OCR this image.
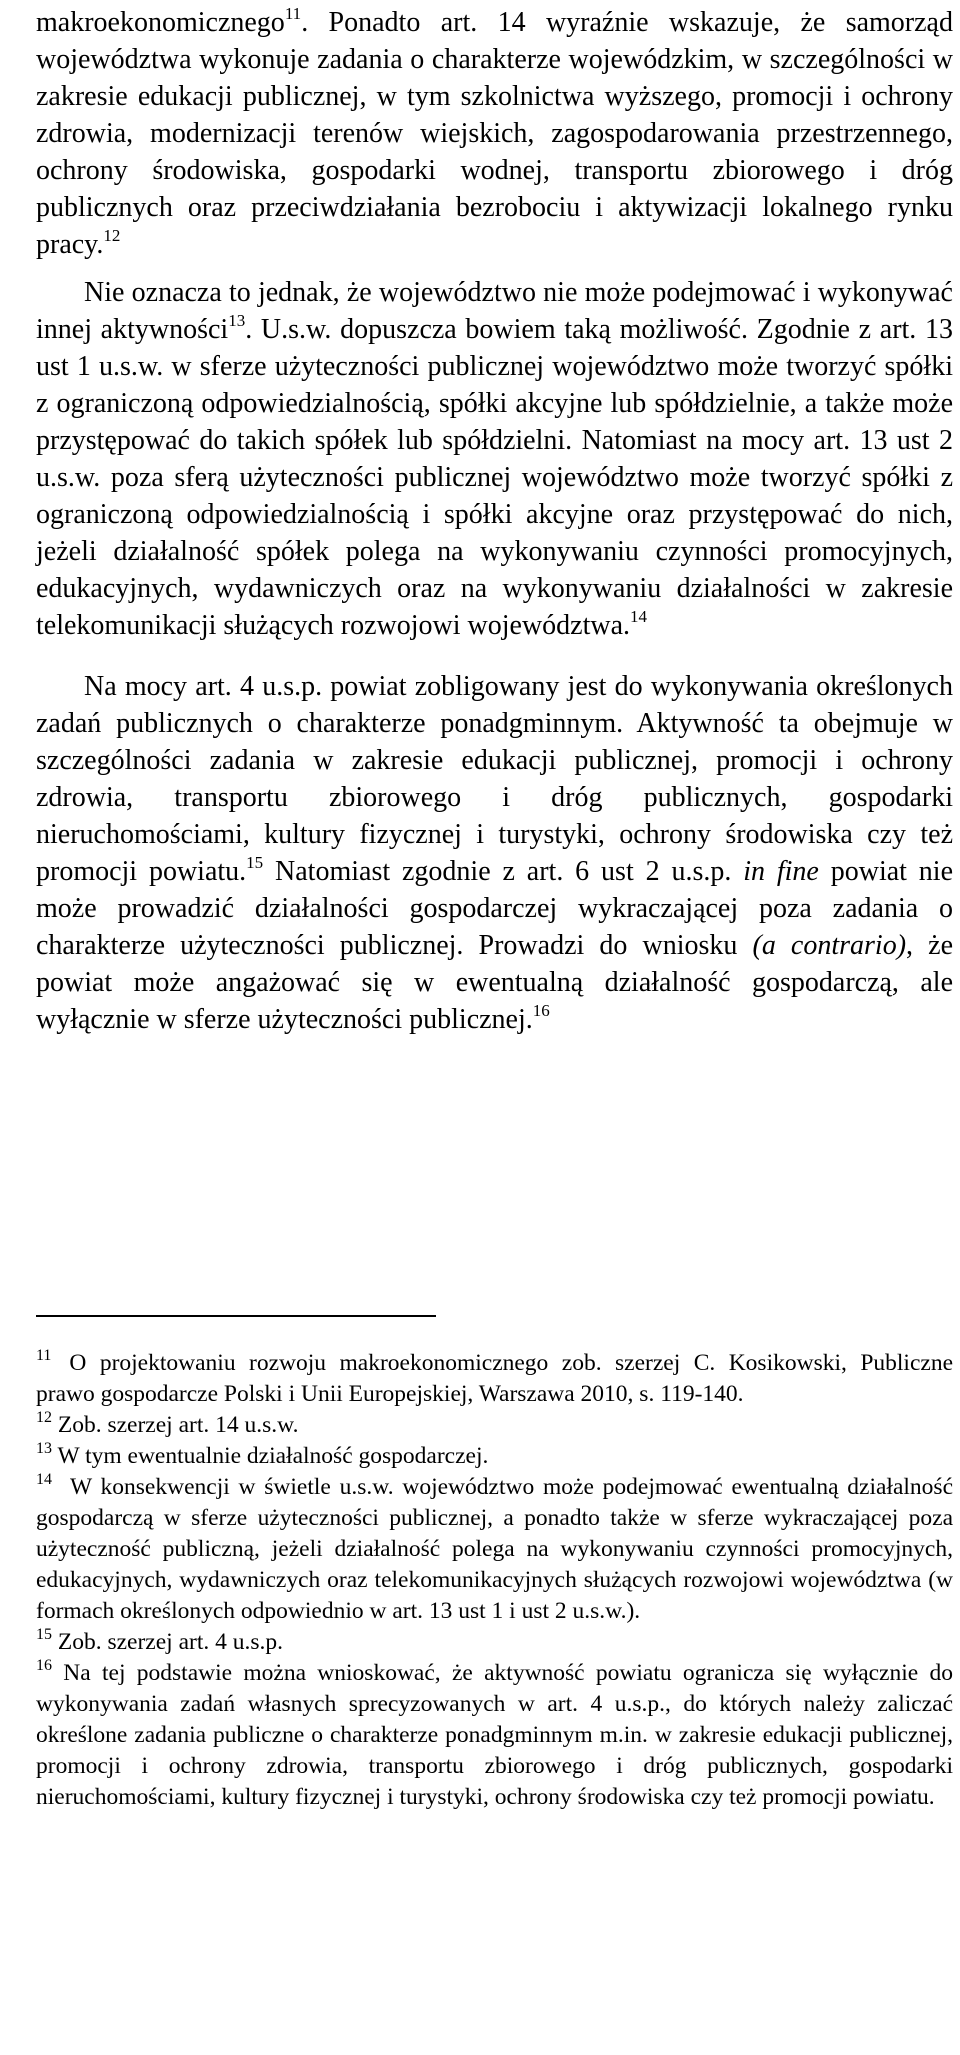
makroekonomicznego$^{11}$. Ponadto art. 14 wyraźnie wskazuje, że samorząd województwa wykonuje zadania o charakterze wojewódzkim, w szczególności w zakresie edukacji publicznej, w tym szkolnictwa wyższego, promocji i ochrony zdrowia, modernizacji terenów wiejskich, zagospodarowania przestrzennego, ochrony środowiska, gospodarki wodnej, transportu zbiorowego i dróg publicznych oraz przeciwdziałania bezrobociu i aktywizacji lokalnego rynku pracy.$^{12}$

Nie oznacza to jednak, że województwo nie może podejmować i wykonywać innej aktywności$^{13}$. U.s.w. dopuszcza bowiem taką możliwość. Zgodnie z art. 13 ust 1 u.s.w. w sferze użyteczności publicznej województwo może tworzyć spółki z ograniczoną odpowiedzialnością, spółki akcyjne lub spółdzielnie, a także może przystępować do takich spółek lub spółdzielni. Natomiast na mocy art. 13 ust 2 u.s.w. poza sferą użyteczności publicznej województwo może tworzyć spółki z ograniczoną odpowiedzialnością i spółki akcyjne oraz przystępować do nich, jeżeli działalność spółek polega na wykonywaniu czynności promocyjnych, edukacyjnych, wydawniczych oraz na wykonywaniu działalności w zakresie telekomunikacji służących rozwojowi województwa.$^{14}$

Na mocy art. 4 u.s.p. powiat zobligowany jest do wykonywania określonych zadań publicznych o charakterze ponadgminnym. Aktywność ta obejmuje w szczególności zadania w zakresie edukacji publicznej, promocji i ochrony zdrowia, transportu zbiorowego i dróg publicznych, gospodarki nieruchomościami, kultury fizycznej i turystyki, ochrony środowiska czy też promocji powiatu.$^{15}$ Natomiast zgodnie z art. 6 ust 2 u.s.p. in fine powiat nie może prowadzić działalności gospodarczej wykraczającej poza zadania o charakterze użyteczności publicznej. Prowadzi do wniosku (a contrario), że powiat może angażować się w ewentualną działalność gospodarczą, ale wyłącznie w sferze użyteczności publicznej.$^{16}$

$^{11}$ O projektowaniu rozwoju makroekonomicznego zob. szerzej C. Kosikowski, Publiczne prawo gospodarcze Polski i Unii Europejskiej, Warszawa 2010, s. 119-140.

$^{12}$ Zob. szerzej art. 14 u.s.w.

$^{13}$ W tym ewentualnie działalność gospodarczej.

$^{14}$ W konsekwencji w świetle u.s.w. województwo może podejmować ewentualną działalność gospodarczą w sferze użyteczności publicznej, a ponadto także w sferze wykraczającej poza użyteczność publiczną, jeżeli działalność polega na wykonywaniu czynności promocyjnych, edukacyjnych, wydawniczych oraz telekomunikacyjnych służących rozwojowi województwa (w formach określonych odpowiednio w art. 13 ust 1 i ust 2 u.s.w.).

$^{15}$ Zob. szerzej art. 4 u.s.p.

$^{16}$ Na tej podstawie można wnioskować, że aktywność powiatu ogranicza się wyłącznie do wykonywania zadań własnych sprecyzowanych w art. 4 u.s.p., do których należy zaliczać określone zadania publiczne o charakterze ponadgminnym m.in. w zakresie edukacji publicznej, promocji i ochrony zdrowia, transportu zbiorowego i dróg publicznych, gospodarki nieruchomościami, kultury fizycznej i turystyki, ochrony środowiska czy też promocji powiatu.
